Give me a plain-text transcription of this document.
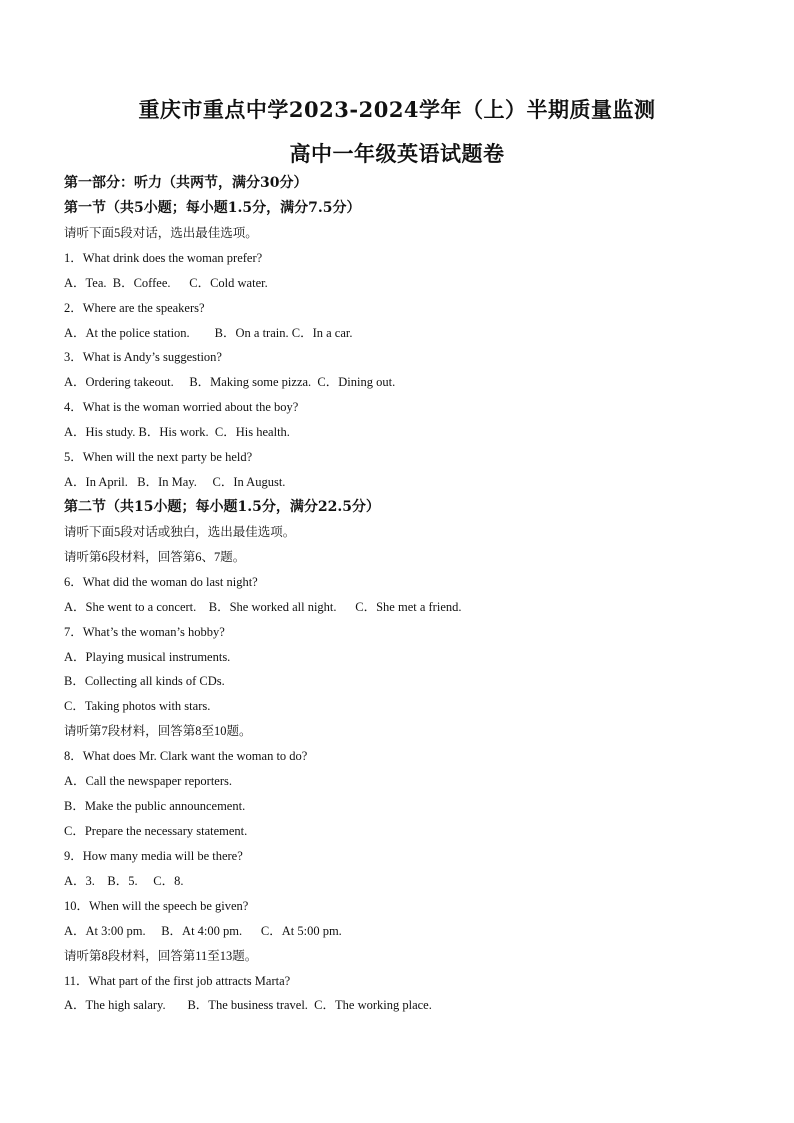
重庆市重点中学2023-2024学年（上）半期质量监测
高中一年级英语试题卷
第一部分：听力（共两节，满分30分）
第一节（共5小题；每小题1.5分，满分7.5分）
请听下面5段对话，选出最佳选项。
1．What drink does the woman prefer?
A．Tea.  B．Coffee.      C．Cold water.
2．Where are the speakers?
A．At the police station.        B．On a train. C．In a car.
3．What is Andy’s suggestion?
A．Ordering takeout.     B．Making some pizza.  C．Dining out.
4．What is the woman worried about the boy?
A．His study. B．His work.  C．His health.
5．When will the next party be held?
A．In April.   B．In May.     C．In August.
第二节（共15小题；每小题1.5分，满分22.5分）
请听下面5段对话或独白，选出最佳选项。
请听第6段材料，回答第6、7题。
6．What did the woman do last night?
A．She went to a concert.    B．She worked all night.      C．She met a friend.
7．What’s the woman’s hobby?
A．Playing musical instruments.
B．Collecting all kinds of CDs.
C．Taking photos with stars.
请听第7段材料，回答第8至10题。
8．What does Mr. Clark want the woman to do?
A．Call the newspaper reporters.
B．Make the public announcement.
C．Prepare the necessary statement.
9．How many media will be there?
A．3.    B．5.     C．8.
10．When will the speech be given?
A．At 3:00 pm.     B．At 4:00 pm.      C．At 5:00 pm.
请听第8段材料，回答第11至13题。
11．What part of the first job attracts Marta?
A．The high salary.       B．The business travel.  C．The working place.
